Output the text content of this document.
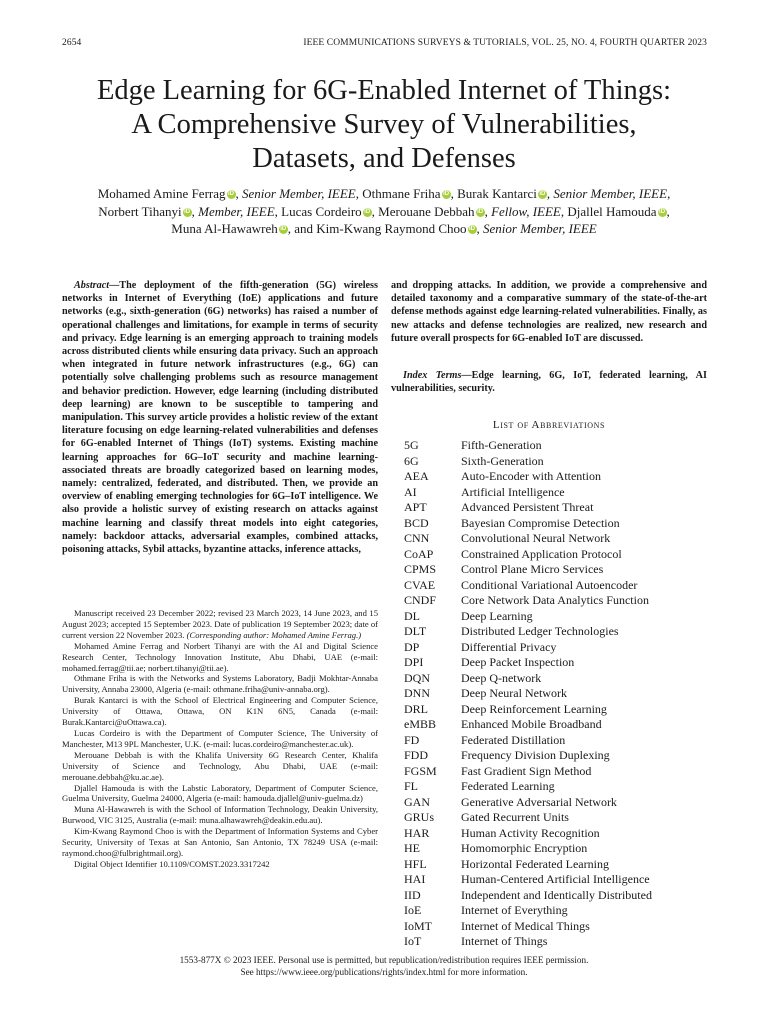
2654	IEEE COMMUNICATIONS SURVEYS & TUTORIALS, VOL. 25, NO. 4, FOURTH QUARTER 2023
Edge Learning for 6G-Enabled Internet of Things:
A Comprehensive Survey of Vulnerabilities,
Datasets, and Defenses
Mohamed Amine Ferrag iD , Senior Member, IEEE, Othmane Friha iD , Burak Kantarci iD , Senior Member, IEEE,
Norbert Tihanyi iD , Member, IEEE, Lucas Cordeiro iD , Merouane Debbah iD , Fellow, IEEE, Djallel Hamouda iD ,
Muna Al-Hawawreh iD , and Kim-Kwang Raymond Choo iD , Senior Member, IEEE
Abstract—The deployment of the fifth-generation (5G) wireless networks in Internet of Everything (IoE) applications and future networks (e.g., sixth-generation (6G) networks) has raised a number of operational challenges and limitations, for example in terms of security and privacy. Edge learning is an emerging approach to training models across distributed clients while ensuring data privacy. Such an approach when integrated in future network infrastructures (e.g., 6G) can potentially solve challenging problems such as resource management and behavior prediction. However, edge learning (including distributed deep learning) are known to be susceptible to tampering and manipulation. This survey article provides a holistic review of the extant literature focusing on edge learning-related vulnerabilities and defenses for 6G-enabled Internet of Things (IoT) systems. Existing machine learning approaches for 6G–IoT security and machine learning-associated threats are broadly categorized based on learning modes, namely: centralized, federated, and distributed. Then, we provide an overview of enabling emerging technologies for 6G–IoT intelligence. We also provide a holistic survey of existing research on attacks against machine learning and classify threat models into eight categories, namely: backdoor attacks, adversarial examples, combined attacks, poisoning attacks, Sybil attacks, byzantine attacks, inference attacks,
and dropping attacks. In addition, we provide a comprehensive and detailed taxonomy and a comparative summary of the state-of-the-art defense methods against edge learning-related vulnerabilities. Finally, as new attacks and defense technologies are realized, new research and future overall prospects for 6G-enabled IoT are discussed.
Index Terms—Edge learning, 6G, IoT, federated learning, AI vulnerabilities, security.

Manuscript received 23 December 2022; revised 23 March 2023, 14 June 2023, and 15 August 2023; accepted 15 September 2023. Date of publication 19 September 2023; date of current version 22 November 2023. (Corresponding author: Mohamed Amine Ferrag.)

Mohamed Amine Ferrag and Norbert Tihanyi are with the AI and Digital Science Research Center, Technology Innovation Institute, Abu Dhabi, UAE (e-mail: mohamed.ferrag@tii.ae; norbert.tihanyi@tii.ae).

Othmane Friha is with the Networks and Systems Laboratory, Badji Mokhtar-Annaba University, Annaba 23000, Algeria (e-mail: othmane.friha@univ-annaba.org).

Burak Kantarci is with the School of Electrical Engineering and Computer Science, University of Ottawa, Ottawa, ON K1N 6N5, Canada (e-mail: Burak.Kantarci@uOttawa.ca).

Lucas Cordeiro is with the Department of Computer Science, The University of Manchester, M13 9PL Manchester, U.K. (e-mail: lucas.cordeiro@manchester.ac.uk).

Merouane Debbah is with the Khalifa University 6G Research Center, Khalifa University of Science and Technology, Abu Dhabi, UAE (e-mail: merouane.debbah@ku.ac.ae).

Djallel Hamouda is with the Labstic Laboratory, Department of Computer Science, Guelma University, Guelma 24000, Algeria (e-mail: hamouda.djallel@univ-guelma.dz)

Muna Al-Hawawreh is with the School of Information Technology, Deakin University, Burwood, VIC 3125, Australia (e-mail: muna.alhawawreh@deakin.edu.au).

Kim-Kwang Raymond Choo is with the Department of Information Systems and Cyber Security, University of Texas at San Antonio, San Antonio, TX 78249 USA (e-mail: raymond.choo@fulbrightmail.org).

Digital Object Identifier 10.1109/COMST.2023.3317242

List of Abbreviations
5G	Fifth-Generation
6G	Sixth-Generation
AEA	Auto-Encoder with Attention
AI	Artificial Intelligence
APT	Advanced Persistent Threat
BCD	Bayesian Compromise Detection
CNN	Convolutional Neural Network
CoAP Constrained Application Protocol
CPMS Control Plane Micro Services
CVAE Conditional Variational Autoencoder
CNDF Core Network Data Analytics Function
DL	Deep Learning
DLT	Distributed Ledger Technologies
DP	Differential Privacy
DPI	Deep Packet Inspection
DQN	Deep Q-network
DNN	Deep Neural Network
DRL	Deep Reinforcement Learning
eMBB Enhanced Mobile Broadband
FD	Federated Distillation
FDD	Frequency Division Duplexing
FGSM Fast Gradient Sign Method
FL	Federated Learning
GAN	Generative Adversarial Network
GRUs Gated Recurrent Units
HAR	Human Activity Recognition
HE	Homomorphic Encryption
HFL	Horizontal Federated Learning
HAI	Human-Centered Artificial Intelligence
IID	Independent and Identically Distributed
IoE	Internet of Everything
IoMT Internet of Medical Things
IoT	Internet of Things

1553-877X © 2023 IEEE. Personal use is permitted, but republication/redistribution requires IEEE permission.

See https://www.ieee.org/publications/rights/index.html for more information.
